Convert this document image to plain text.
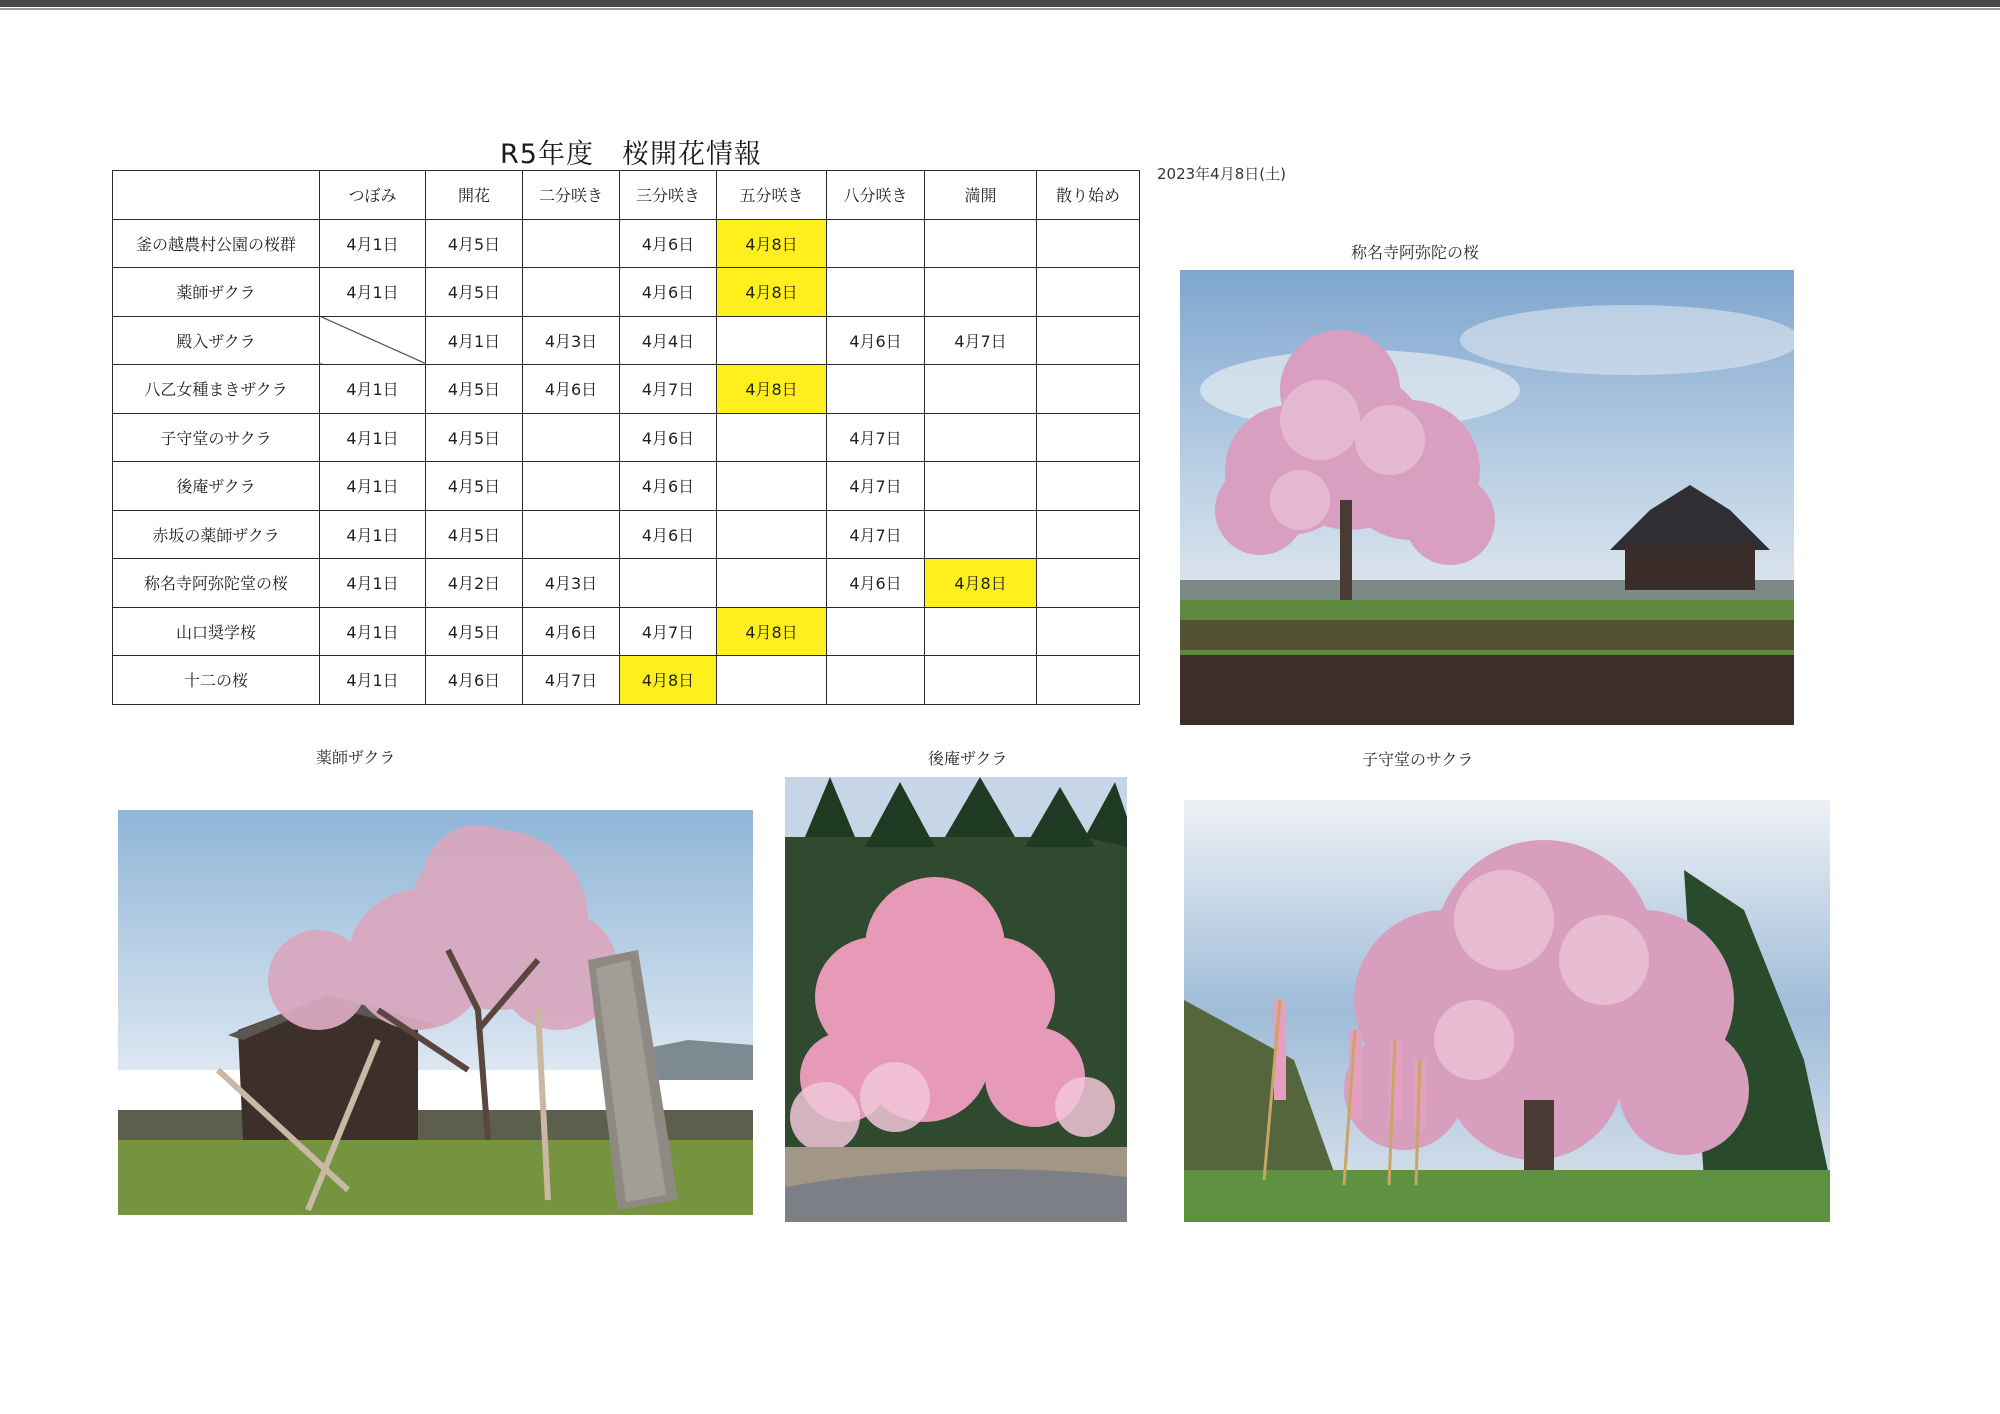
R5年度　桜開花情報
2023年4月8日(土)
	つぼみ	開花	二分咲き	三分咲き	五分咲き	八分咲き	満開	散り始め
釜の越農村公園の桜群	4月1日	4月5日		4月6日	4月8日			
薬師ザクラ	4月1日	4月5日		4月6日	4月8日			
殿入ザクラ		4月1日	4月3日	4月4日		4月6日	4月7日	
八乙女種まきザクラ	4月1日	4月5日	4月6日	4月7日	4月8日			
子守堂のサクラ	4月1日	4月5日		4月6日		4月7日		
後庵ザクラ	4月1日	4月5日		4月6日		4月7日		
赤坂の薬師ザクラ	4月1日	4月5日		4月6日		4月7日		
称名寺阿弥陀堂の桜	4月1日	4月2日	4月3日			4月6日	4月8日	
山口奨学桜	4月1日	4月5日	4月6日	4月7日	4月8日			
十二の桜	4月1日	4月6日	4月7日	4月8日				
称名寺阿弥陀の桜
薬師ザクラ	後庵ザクラ	子守堂のサクラ
